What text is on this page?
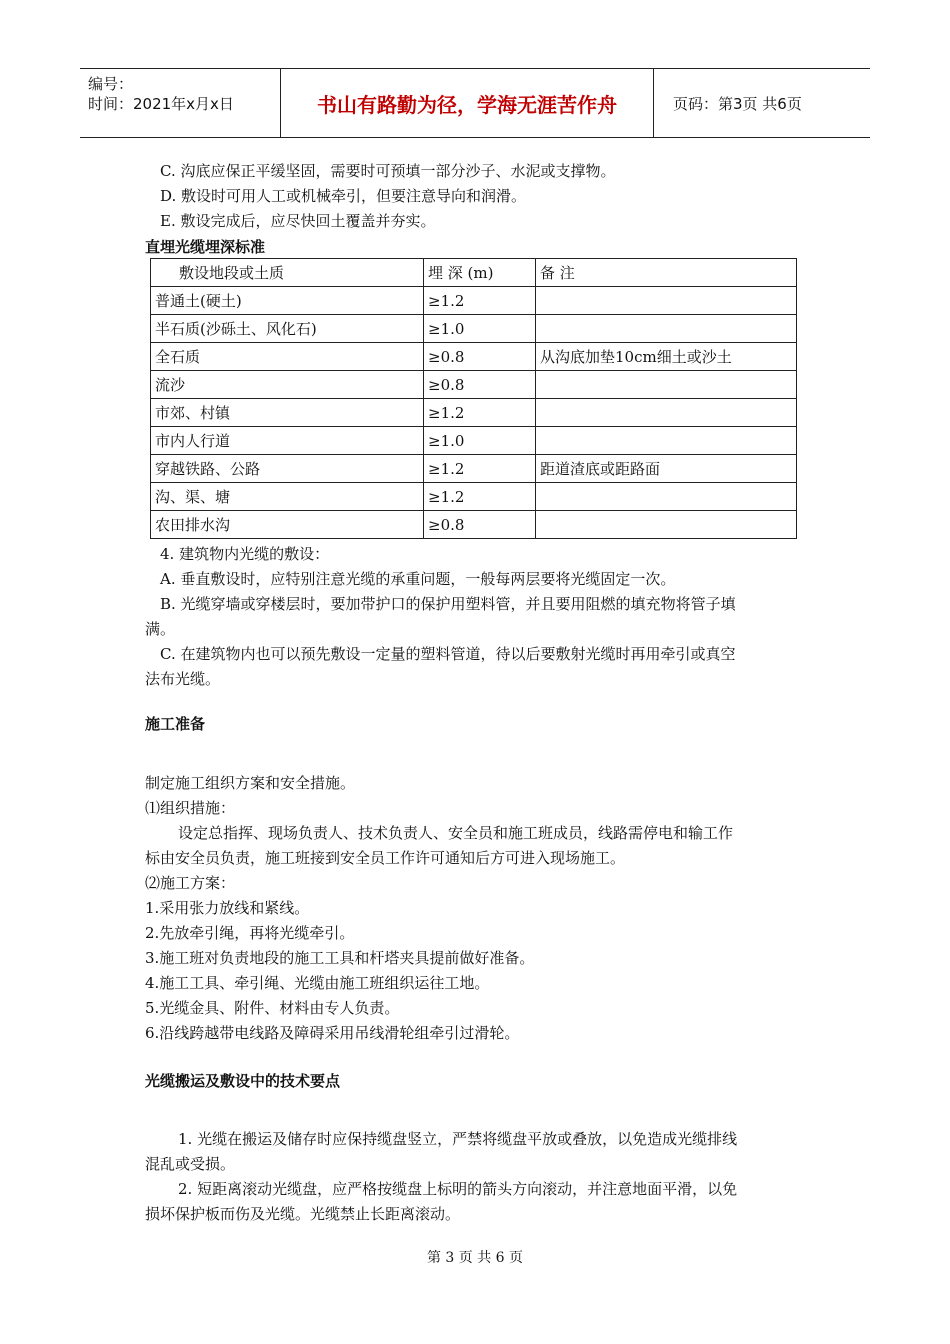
编号：
时间：2021年x月x日	书山有路勤为径，学海无涯苦作舟	页码：第3页 共6页
C. 沟底应保正平缓坚固，需要时可预填一部分沙子、水泥或支撑物。
D. 敷设时可用人工或机械牵引，但要注意导向和润滑。
E. 敷设完成后，应尽快回土覆盖并夯实。
直埋光缆埋深标准
敷设地段或土质	埋 深 (m)	备 注
普通土(硬土)	≥1.2	
半石质(沙砾土、风化石)	≥1.0	
全石质	≥0.8	从沟底加垫10cm细土或沙土
流沙	≥0.8	
市郊、村镇	≥1.2	
市内人行道	≥1.0	
穿越铁路、公路	≥1.2	距道渣底或距路面
沟、渠、塘	≥1.2	
农田排水沟	≥0.8	
4. 建筑物内光缆的敷设：
A. 垂直敷设时，应特别注意光缆的承重问题，一般每两层要将光缆固定一次。
B. 光缆穿墙或穿楼层时，要加带护口的保护用塑料管，并且要用阻燃的填充物将管子填
满。
C. 在建筑物内也可以预先敷设一定量的塑料管道，待以后要敷射光缆时再用牵引或真空
法布光缆。
施工准备
制定施工组织方案和安全措施。
⑴组织措施：
设定总指挥、现场负责人、技术负责人、安全员和施工班成员，线路需停电和输工作
标由安全员负责，施工班接到安全员工作许可通知后方可进入现场施工。
⑵施工方案：
1.采用张力放线和紧线。
2.先放牵引绳，再将光缆牵引。
3.施工班对负责地段的施工工具和杆塔夹具提前做好准备。
4.施工工具、牵引绳、光缆由施工班组织运往工地。
5.光缆金具、附件、材料由专人负责。
6.沿线跨越带电线路及障碍采用吊线滑轮组牵引过滑轮。
光缆搬运及敷设中的技术要点
1. 光缆在搬运及储存时应保持缆盘竖立，严禁将缆盘平放或叠放，以免造成光缆排线
混乱或受损。
2. 短距离滚动光缆盘，应严格按缆盘上标明的箭头方向滚动，并注意地面平滑，以免
损坏保护板而伤及光缆。光缆禁止长距离滚动。
第 3 页 共 6 页
